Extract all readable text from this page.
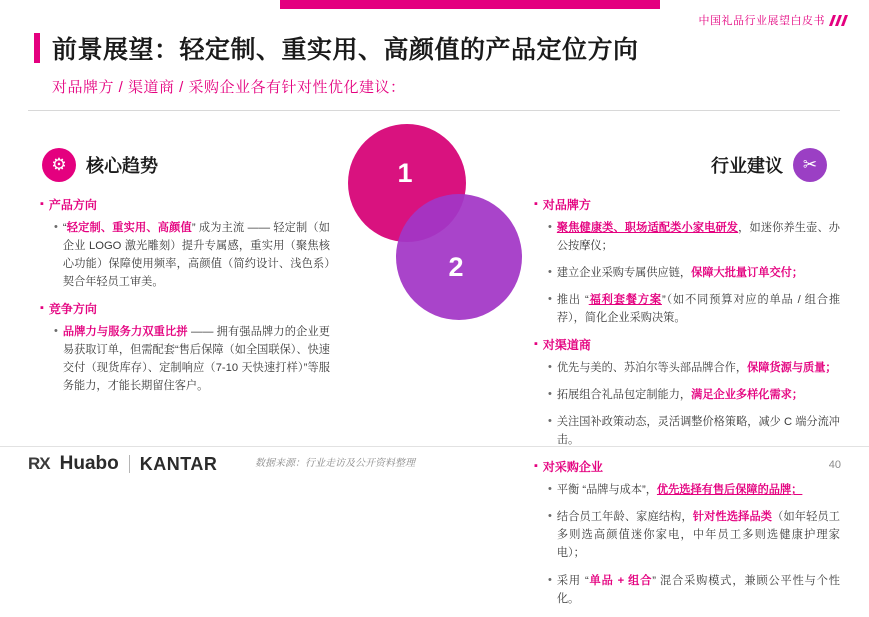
中国礼品行业展望白皮书
前景展望：轻定制、重实用、高颜值的产品定位方向
对品牌方 / 渠道商 / 采购企业各有针对性优化建议：
1
2
⚙	核心趋势	✂
行业建议
▪ 产品方向
• “轻定制、重实用、高颜值” 成为主流 —— 轻定制（如企业 LOGO 激光雕刻）提升专属感，重实用（聚焦核心功能）保障使用频率，高颜值（简约设计、浅色系）契合年轻员工审美。
▪ 竞争方向
• 品牌力与服务力双重比拼 —— 拥有强品牌力的企业更易获取订单，但需配套“售后保障（如全国联保）、快速交付（现货库存）、定制响应（7-10 天快速打样）”等服务能力，才能长期留住客户。
▪ 对品牌方
• 聚焦健康类、职场适配类小家电研发，如迷你养生壶、办公按摩仪；
• 建立企业采购专属供应链，保障大批量订单交付；
• 推出 “福利套餐方案”（如不同预算对应的单品 / 组合推荐），简化企业采购决策。
▪ 对渠道商
• 优先与美的、苏泊尔等头部品牌合作，保障货源与质量；
• 拓展组合礼品包定制能力，满足企业多样化需求；
• 关注国补政策动态，灵活调整价格策略，减少 C 端分流冲击。
▪ 对采购企业
• 平衡 “品牌与成本”，优先选择有售后保障的品牌；
• 结合员工年龄、家庭结构，针对性选择品类（如年轻员工多则选高颜值迷你家电，中年员工多则选健康护理家电）；
• 采用 “单品 + 组合” 混合采购模式，兼顾公平性与个性化。
RX Huabo KANTAR	数据来源：行业走访及公开资料整理	40
